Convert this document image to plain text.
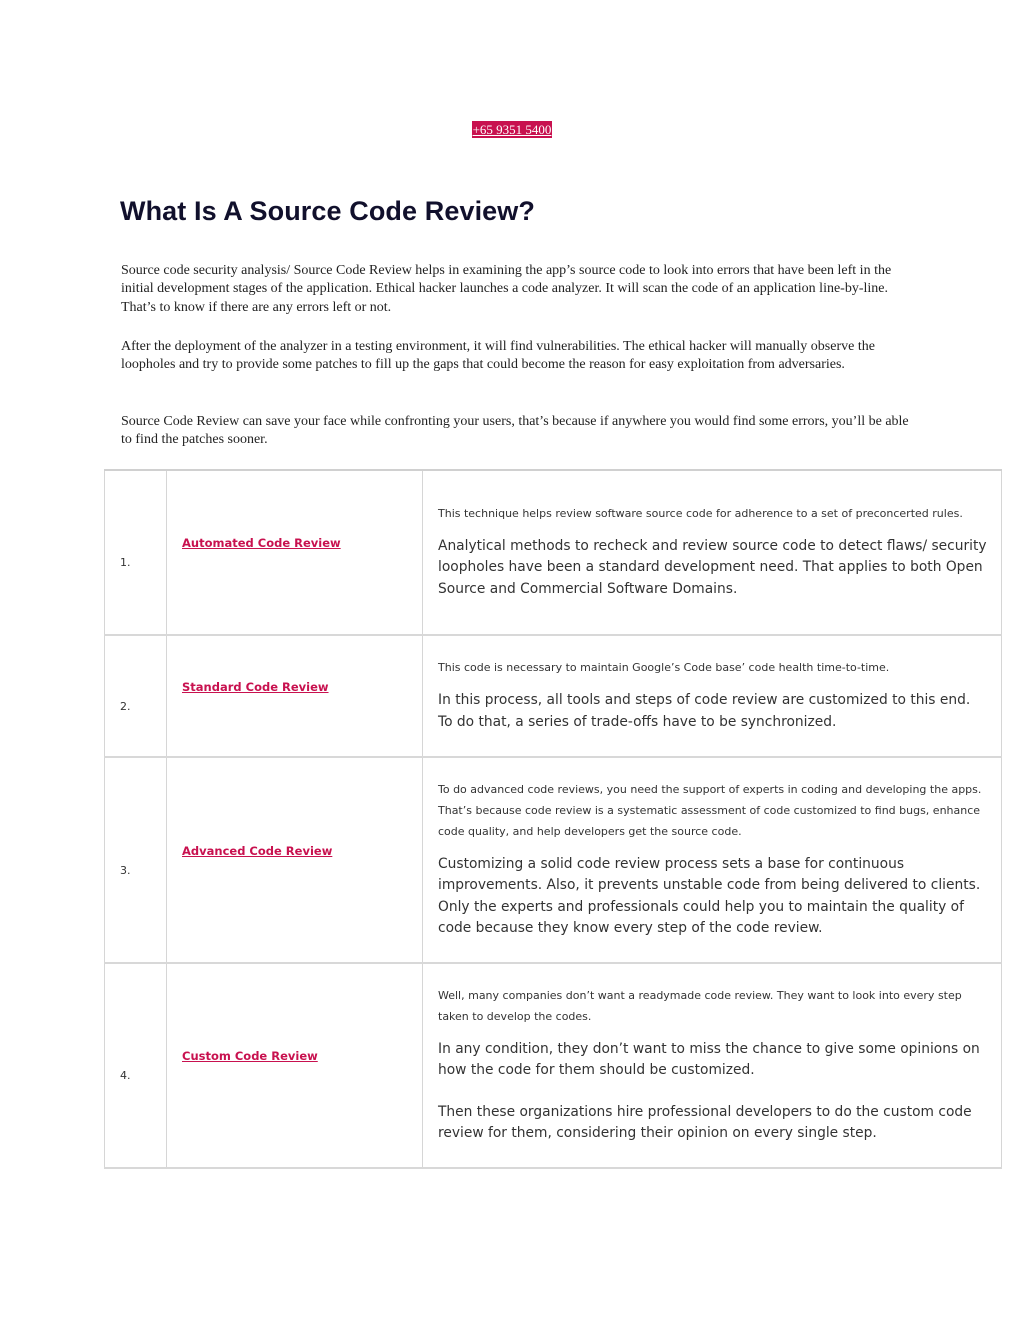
+65 9351 5400
What Is A Source Code Review?

Source code security analysis/ Source Code Review helps in examining the app’s source code to look into errors that have been left in the initial development stages of the application. Ethical hacker launches a code analyzer. It will scan the code of an application line-by-line. That’s to know if there are any errors left or not.

After the deployment of the analyzer in a testing environment, it will find vulnerabilities. The ethical hacker will manually observe the loopholes and try to provide some patches to fill up the gaps that could become the reason for easy exploitation from adversaries.

Source Code Review can save your face while confronting your users, that’s because if anywhere you would find some errors, you’ll be able to find the patches sooner.

1.	$^{Automated Code Review}$	This technique helps review software source code for adherence to a set of preconcerted rules.

Analytical methods to recheck and review source code to detect flaws/ security loopholes have been a standard development need. That applies to both Open Source and Commercial Software Domains.

2.	$^{Standard Code Review}$	This code is necessary to maintain Google’s Code base’ code health time-to-time.

In this process, all tools and steps of code review are customized to this end. To do that, a series of trade-offs have to be synchronized.

3.	$^{Advanced Code Review}$	To do advanced code reviews, you need the support of experts in coding and developing the apps. That’s because code review is a systematic assessment of code customized to find bugs, enhance code quality, and help developers get the source code.

Customizing a solid code review process sets a base for continuous improvements. Also, it prevents unstable code from being delivered to clients. Only the experts and professionals could help you to maintain the quality of code because they know every step of the code review.

4.	$^{Custom Code Review}$	Well, many companies don’t want a readymade code review. They want to look into every step taken to develop the codes.

In any condition, they don’t want to miss the chance to give some opinions on how the code for them should be customized.

Then these organizations hire professional developers to do the custom code review for them, considering their opinion on every single step.
